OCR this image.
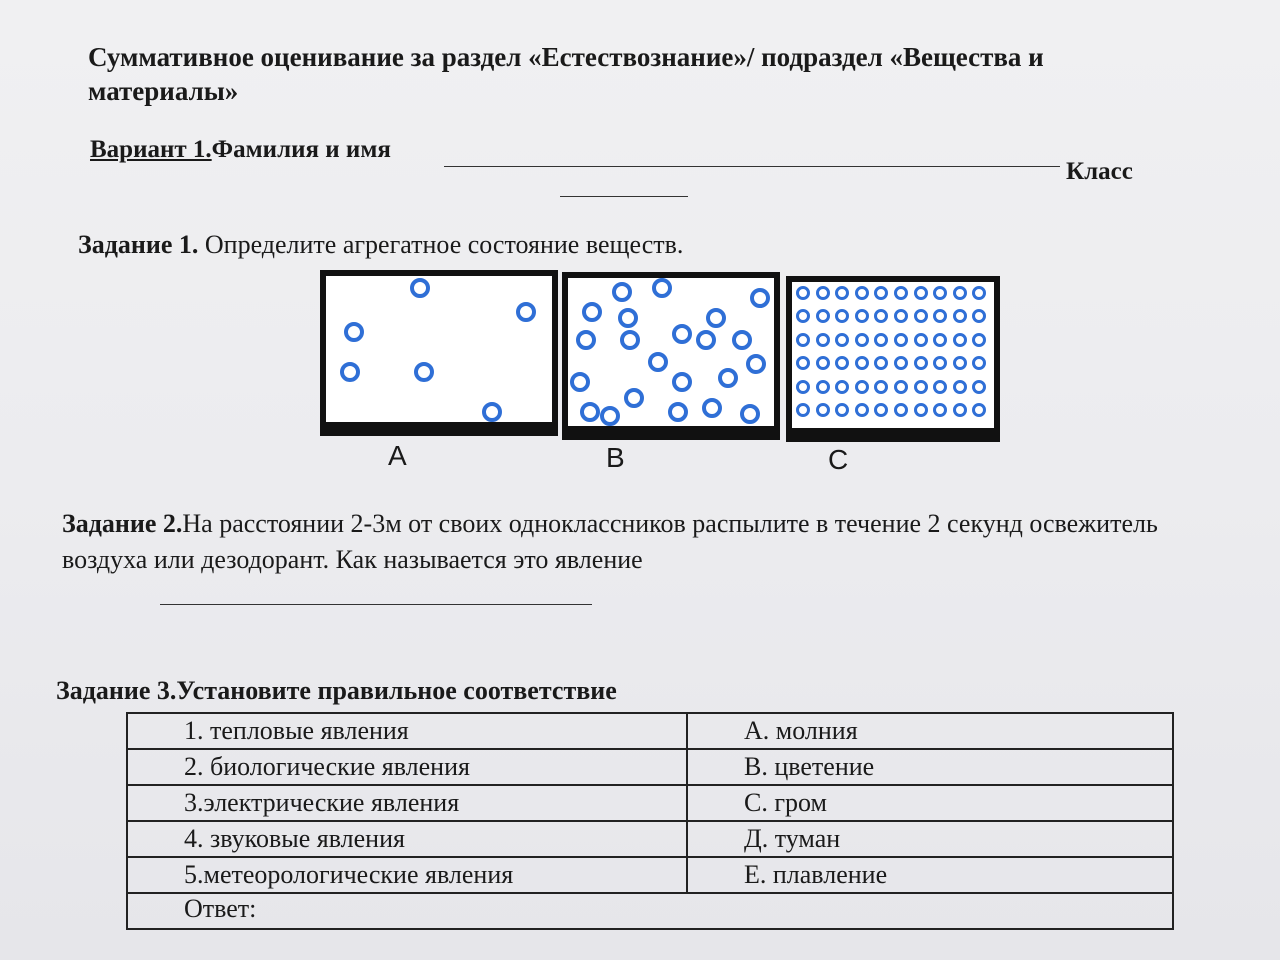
Суммативное оценивание за раздел «Естествознание»/ подраздел «Вещества и
материалы»
Вариант 1.Фамилия и имя
Класс
Задание 1. Определите агрегатное состояние веществ.
А	В	С
Задание 2.На расстоянии 2-3м от своих одноклассников распылите в течение 2 секунд освежитель воздуха или дезодорант. Как называется это явление
Задание 3.Установите правильное соответствие
1. тепловые явления	А. молния
2. биологические явления	В. цветение
3.электрические явления	С. гром
4. звуковые явления	Д. туман
5.метеорологические явления	Е. плавление
Ответ:	
